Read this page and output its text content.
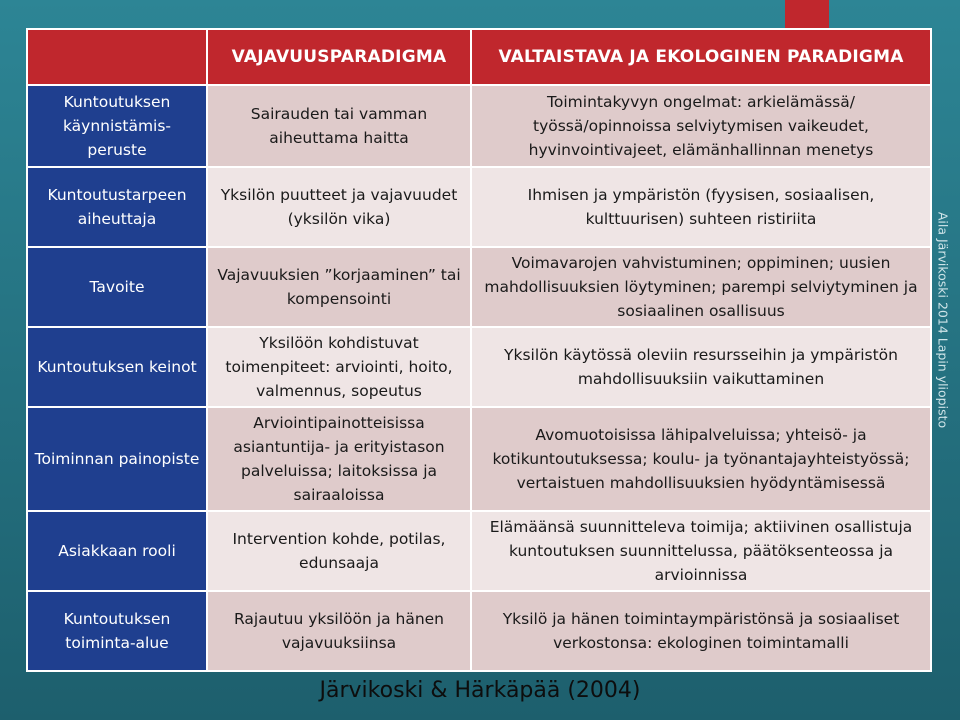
	VAJAVUUSPARADIGMA	VALTAISTAVA JA EKOLOGINEN PARADIGMA
Kuntoutuksen käynnistämis-peruste	Sairauden tai vamman aiheuttama haitta	Toimintakyvyn ongelmat: arkielämässä/ työssä/opinnoissa selviytymisen vaikeudet, hyvinvointivajeet, elämänhallinnan menetys
Kuntoutustarpeen aiheuttaja	Yksilön puutteet ja vajavuudet (yksilön vika)	Ihmisen ja ympäristön (fyysisen, sosiaalisen, kulttuurisen) suhteen ristiriita
Tavoite	Vajavuuksien ”korjaaminen” tai kompensointi	Voimavarojen vahvistuminen; oppiminen; uusien mahdollisuuksien löytyminen; parempi selviytyminen ja sosiaalinen osallisuus
Kuntoutuksen keinot	Yksilöön kohdistuvat toimenpiteet: arviointi, hoito, valmennus, sopeutus	Yksilön käytössä oleviin resursseihin ja ympäristön mahdollisuuksiin vaikuttaminen
Toiminnan painopiste	Arviointipainotteisissa asiantuntija- ja erityistason palveluissa; laitoksissa ja sairaaloissa	Avomuotoisissa lähipalveluissa; yhteisö- ja kotikuntoutuksessa; koulu- ja työnantajayhteistyössä; vertaistuen mahdollisuuksien hyödyntämisessä
Asiakkaan rooli	Intervention kohde, potilas, edunsaaja	Elämäänsä suunnitteleva toimija; aktiivinen osallistuja kuntoutuksen suunnittelussa, päätöksenteossa ja arvioinnissa
Kuntoutuksen toiminta-alue	Rajautuu yksilöön ja hänen vajavuuksiinsa	Yksilö ja hänen toimintaympäristönsä ja sosiaaliset verkostonsa: ekologinen toimintamalli
Aila Järvikoski 2014 Lapin yliopisto
Järvikoski & Härkäpää (2004)
